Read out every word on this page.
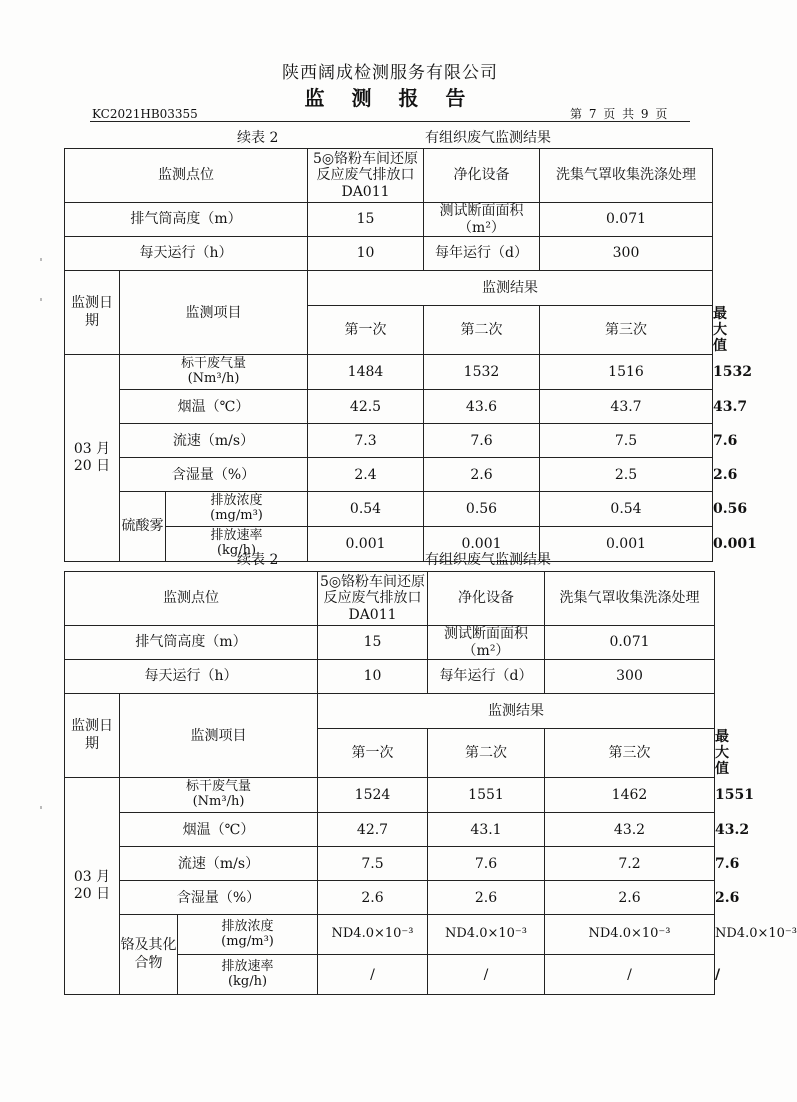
陕西阔成检测服务有限公司
监 测 报 告
KC2021HB03355	第 7 页 共 9 页
续表 2	有组织废气监测结果
监测点位			5◎铬粉车间还原反应废气排放口DA011	净化设备	洗集气罩收集洗涤处理	
排气筒高度（m）			15	测试断面面积（m²）	0.071	
每天运行（h）			10	每年运行（d）	300	
监测日期	监测项目		监测结果			
			第一次	第二次	第三次	最大值
03 月 20 日	标干废气量
(Nm³/h)		1484	1532	1516	1532
	烟温（℃）		42.5	43.6	43.7	43.7
	流速（m/s）		7.3	7.6	7.5	7.6
	含湿量（%）		2.4	2.6	2.5	2.6
	硫酸雾	排放浓度
(mg/m³)	0.54	0.56	0.54	0.56

		排放速率
(kg/h)	0.001	0.001	0.001	0.001
续表 2	有组织废气监测结果
监测点位			5◎铬粉车间还原反应废气排放口DA011	净化设备	洗集气罩收集洗涤处理	
排气筒高度（m）			15	测试断面面积（m²）	0.071	
每天运行（h）			10	每年运行（d）	300	
监测日期	监测项目		监测结果			
			第一次	第二次	第三次	最大值
03 月 20 日	标干废气量
(Nm³/h)		1524	1551	1462	1551
	烟温（℃）		42.7	43.1	43.2	43.2
	流速（m/s）		7.5	7.6	7.2	7.6
	含湿量（%）		2.6	2.6	2.6	2.6
	铬及其化合物	排放浓度
(mg/m³)	ND4.0×10⁻³	ND4.0×10⁻³	ND4.0×10⁻³	ND4.0×10⁻³

		排放速率
(kg/h)	/	/	/	/
